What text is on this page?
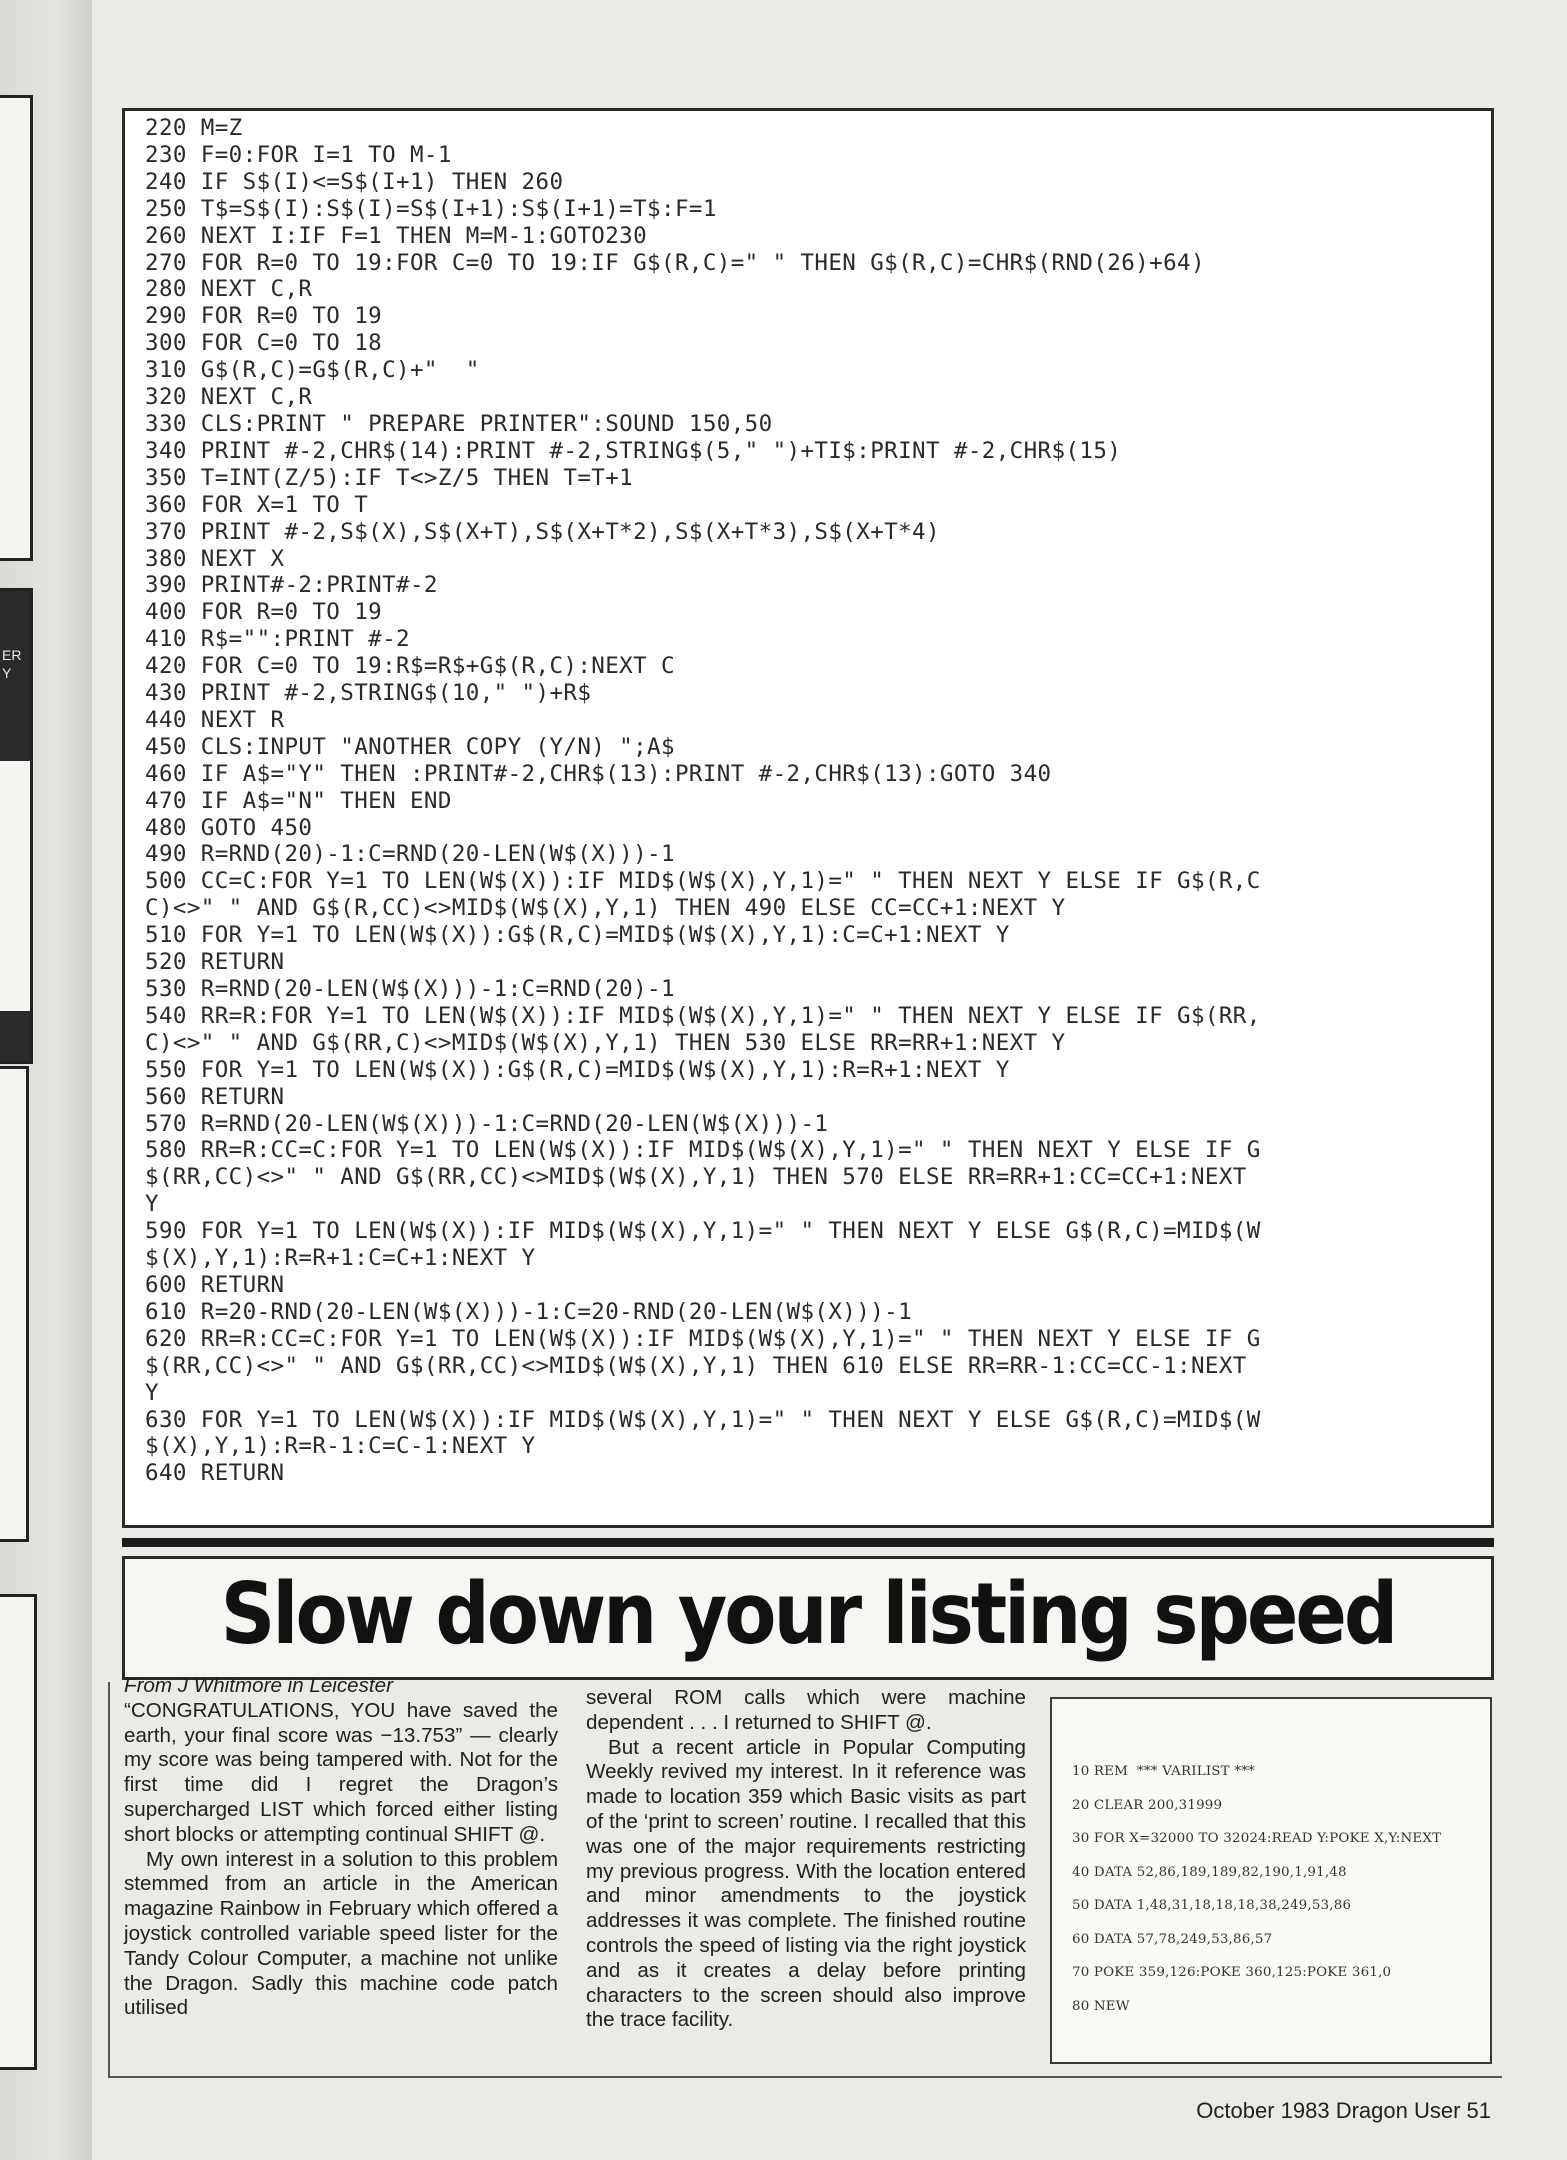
ER
Y
220 M=Z
230 F=0:FOR I=1 TO M-1
240 IF S$(I)<=S$(I+1) THEN 260
250 T$=S$(I):S$(I)=S$(I+1):S$(I+1)=T$:F=1
260 NEXT I:IF F=1 THEN M=M-1:GOTO230
270 FOR R=0 TO 19:FOR C=0 TO 19:IF G$(R,C)=" " THEN G$(R,C)=CHR$(RND(26)+64)
280 NEXT C,R
290 FOR R=0 TO 19
300 FOR C=0 TO 18
310 G$(R,C)=G$(R,C)+"  "
320 NEXT C,R
330 CLS:PRINT " PREPARE PRINTER":SOUND 150,50
340 PRINT #-2,CHR$(14):PRINT #-2,STRING$(5," ")+TI$:PRINT #-2,CHR$(15)
350 T=INT(Z/5):IF T<>Z/5 THEN T=T+1
360 FOR X=1 TO T
370 PRINT #-2,S$(X),S$(X+T),S$(X+T*2),S$(X+T*3),S$(X+T*4)
380 NEXT X
390 PRINT#-2:PRINT#-2
400 FOR R=0 TO 19
410 R$="":PRINT #-2
420 FOR C=0 TO 19:R$=R$+G$(R,C):NEXT C
430 PRINT #-2,STRING$(10," ")+R$
440 NEXT R
450 CLS:INPUT "ANOTHER COPY (Y/N) ";A$
460 IF A$="Y" THEN :PRINT#-2,CHR$(13):PRINT #-2,CHR$(13):GOTO 340
470 IF A$="N" THEN END
480 GOTO 450
490 R=RND(20)-1:C=RND(20-LEN(W$(X)))-1
500 CC=C:FOR Y=1 TO LEN(W$(X)):IF MID$(W$(X),Y,1)=" " THEN NEXT Y ELSE IF G$(R,C
C)<>" " AND G$(R,CC)<>MID$(W$(X),Y,1) THEN 490 ELSE CC=CC+1:NEXT Y
510 FOR Y=1 TO LEN(W$(X)):G$(R,C)=MID$(W$(X),Y,1):C=C+1:NEXT Y
520 RETURN
530 R=RND(20-LEN(W$(X)))-1:C=RND(20)-1
540 RR=R:FOR Y=1 TO LEN(W$(X)):IF MID$(W$(X),Y,1)=" " THEN NEXT Y ELSE IF G$(RR,
C)<>" " AND G$(RR,C)<>MID$(W$(X),Y,1) THEN 530 ELSE RR=RR+1:NEXT Y
550 FOR Y=1 TO LEN(W$(X)):G$(R,C)=MID$(W$(X),Y,1):R=R+1:NEXT Y
560 RETURN
570 R=RND(20-LEN(W$(X)))-1:C=RND(20-LEN(W$(X)))-1
580 RR=R:CC=C:FOR Y=1 TO LEN(W$(X)):IF MID$(W$(X),Y,1)=" " THEN NEXT Y ELSE IF G
$(RR,CC)<>" " AND G$(RR,CC)<>MID$(W$(X),Y,1) THEN 570 ELSE RR=RR+1:CC=CC+1:NEXT
Y
590 FOR Y=1 TO LEN(W$(X)):IF MID$(W$(X),Y,1)=" " THEN NEXT Y ELSE G$(R,C)=MID$(W
$(X),Y,1):R=R+1:C=C+1:NEXT Y
600 RETURN
610 R=20-RND(20-LEN(W$(X)))-1:C=20-RND(20-LEN(W$(X)))-1
620 RR=R:CC=C:FOR Y=1 TO LEN(W$(X)):IF MID$(W$(X),Y,1)=" " THEN NEXT Y ELSE IF G
$(RR,CC)<>" " AND G$(RR,CC)<>MID$(W$(X),Y,1) THEN 610 ELSE RR=RR-1:CC=CC-1:NEXT
Y
630 FOR Y=1 TO LEN(W$(X)):IF MID$(W$(X),Y,1)=" " THEN NEXT Y ELSE G$(R,C)=MID$(W
$(X),Y,1):R=R-1:C=C-1:NEXT Y
640 RETURN
Slow down your listing speed

From J Whitmore in Leicester

“CONGRATULATIONS, YOU have saved the earth, your final score was −13.753” — clearly my score was being tampered with. Not for the first time did I regret the Dragon’s supercharged LIST which forced either listing short blocks or attempting continual SHIFT @.

My own interest in a solution to this problem stemmed from an article in the American magazine Rainbow in February which offered a joystick controlled variable speed lister for the Tandy Colour Computer, a machine not unlike the Dragon. Sadly this machine code patch utilised

several ROM calls which were machine dependent . . . I returned to SHIFT @.

But a recent article in Popular Computing Weekly revived my interest. In it reference was made to location 359 which Basic visits as part of the ‘print to screen’ routine. I recalled that this was one of the major requirements restricting my previous progress. With the location entered and minor amendments to the joystick addresses it was complete. The finished routine controls the speed of listing via the right joystick and as it creates a delay before printing characters to the screen should also improve the trace facility.

10 REM  *** VARILIST ***
20 CLEAR 200,31999
30 FOR X=32000 TO 32024:READ Y:POKE X,Y:NEXT
40 DATA 52,86,189,189,82,190,1,91,48
50 DATA 1,48,31,18,18,18,38,249,53,86
60 DATA 57,78,249,53,86,57
70 POKE 359,126:POKE 360,125:POKE 361,0
80 NEW
October 1983 Dragon User 51
